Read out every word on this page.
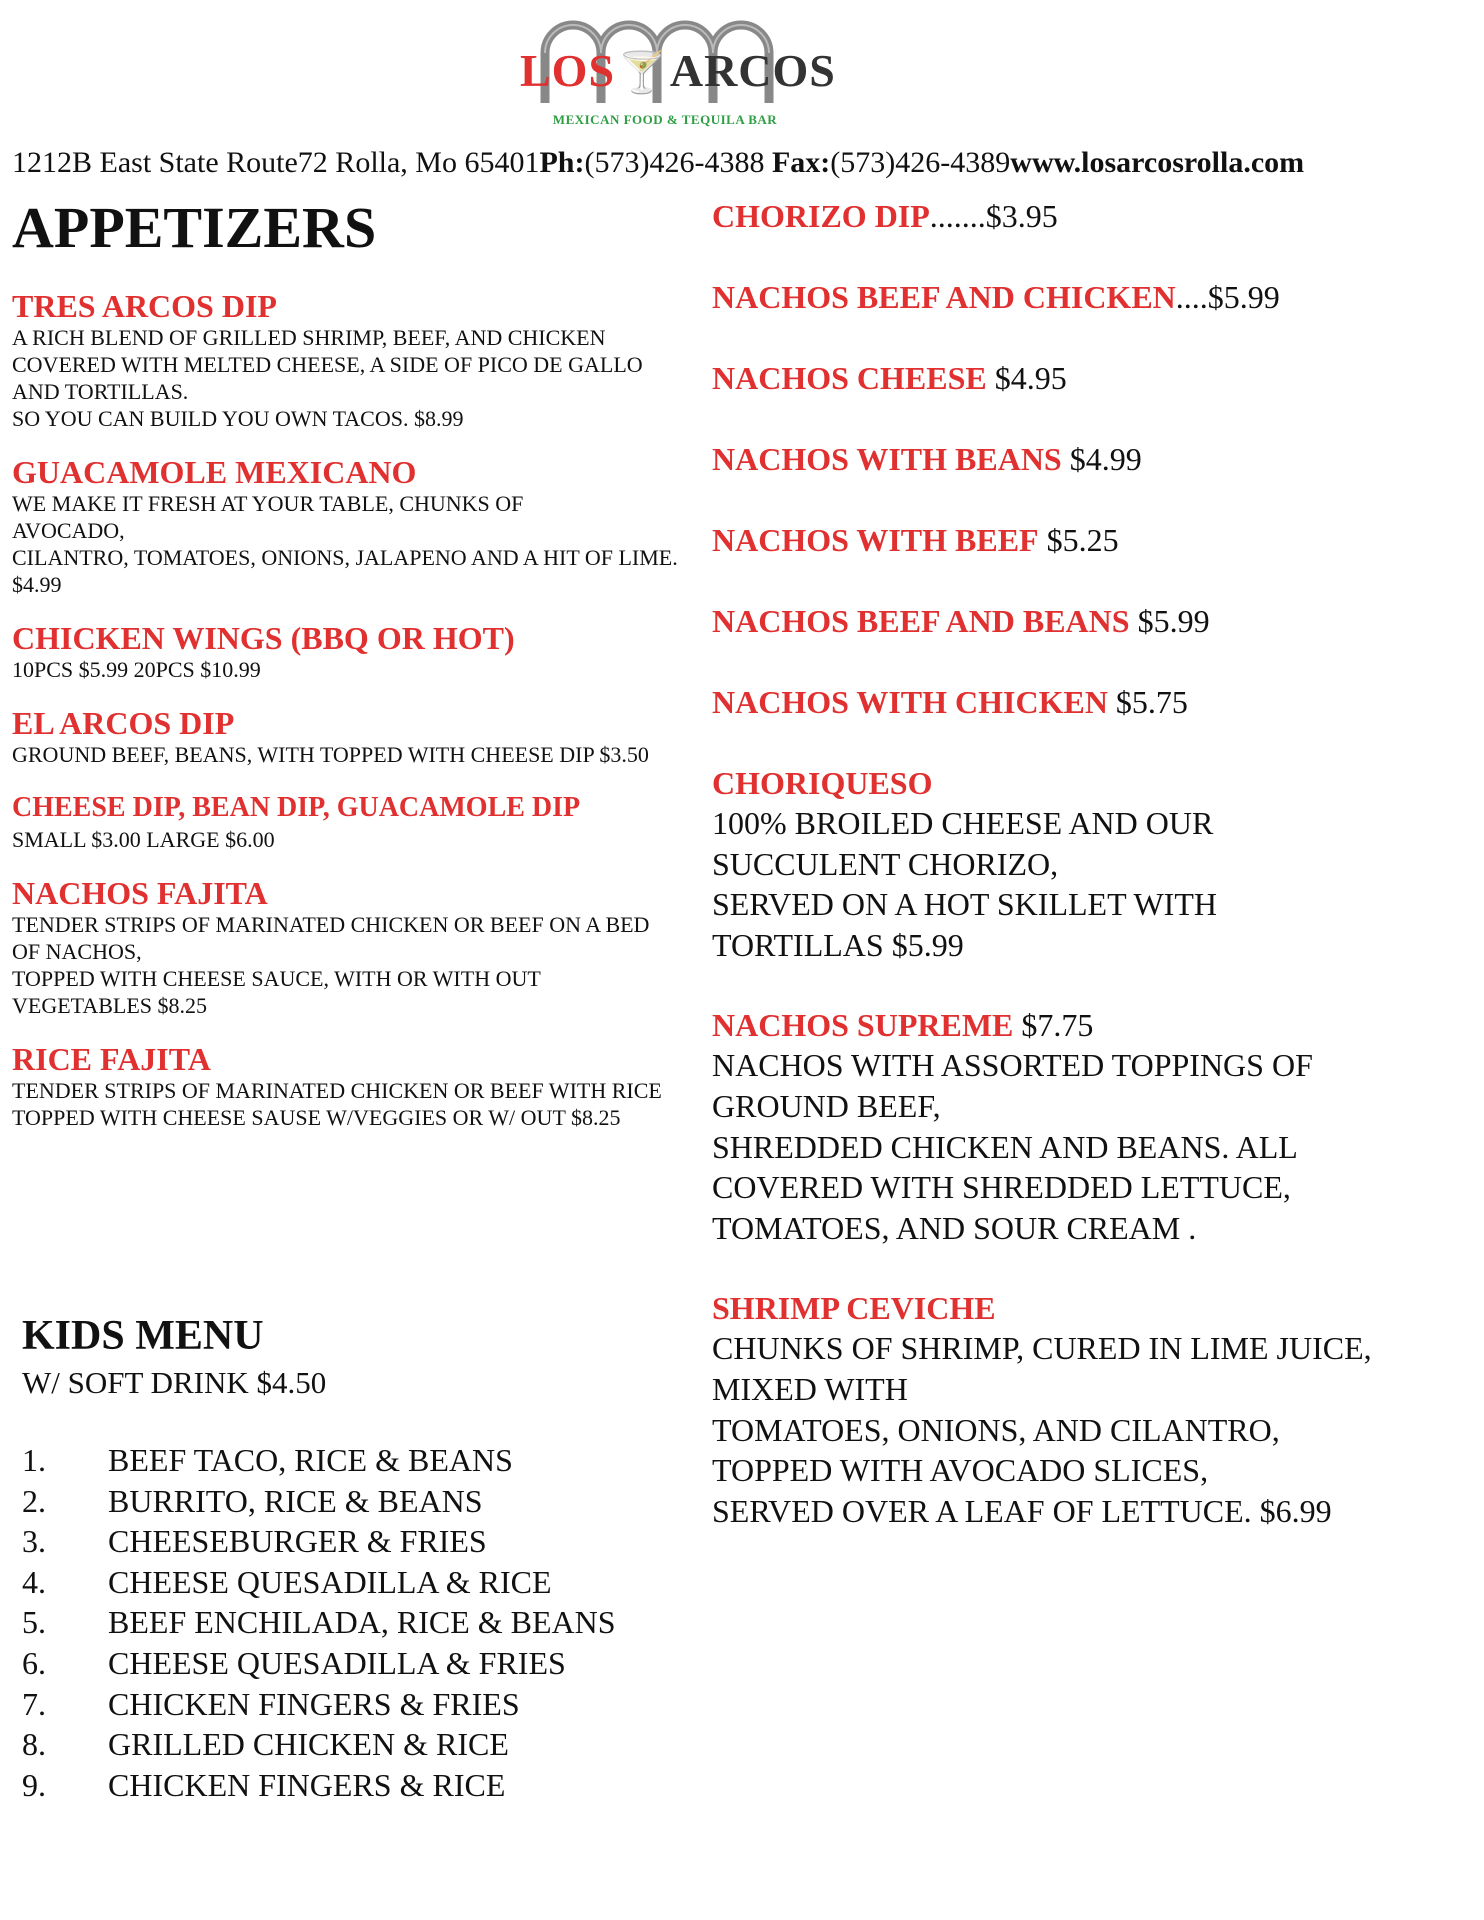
LOS🍸ARCOS
MEXICAN FOOD & TEQUILA BAR
1212B East State Route72 Rolla, Mo 65401Ph:(573)426-4388 Fax:(573)426-4389www.losarcosrolla.com
APPETIZERS
TRES ARCOS DIP

A RICH BLEND OF GRILLED SHRIMP, BEEF, AND CHICKEN COVERED WITH MELTED CHEESE, A SIDE OF PICO DE GALLO AND TORTILLAS.

SO YOU CAN BUILD YOU OWN TACOS. $8.99

GUACAMOLE MEXICANO

WE MAKE IT FRESH AT YOUR TABLE, CHUNKS OF AVOCADO,

CILANTRO, TOMATOES, ONIONS, JALAPENO AND A HIT OF LIME. $4.99

CHICKEN WINGS (BBQ OR HOT)

10PCS $5.99 20PCS $10.99

EL ARCOS DIP

GROUND BEEF, BEANS, WITH TOPPED WITH CHEESE DIP $3.50

CHEESE DIP, BEAN DIP, GUACAMOLE DIP

SMALL $3.00 LARGE $6.00

NACHOS FAJITA

TENDER STRIPS OF MARINATED CHICKEN OR BEEF ON A BED OF NACHOS,

TOPPED WITH CHEESE SAUCE, WITH OR WITH OUT VEGETABLES $8.25

RICE FAJITA

TENDER STRIPS OF MARINATED CHICKEN OR BEEF WITH RICE TOPPED WITH CHEESE SAUSE W/VEGGIES OR W/ OUT $8.25

KIDS MENU
W/ SOFT DRINK $4.50
1.	BEEF TACO, RICE & BEANS
2.	BURRITO, RICE & BEANS
3.	CHEESEBURGER & FRIES
4.	CHEESE QUESADILLA & RICE
5.	BEEF ENCHILADA, RICE & BEANS
6.	CHEESE QUESADILLA & FRIES
7.	CHICKEN FINGERS & FRIES
8.	GRILLED CHICKEN & RICE
9.	CHICKEN FINGERS & RICE
CHORIZO DIP.......$3.95
NACHOS BEEF AND CHICKEN....$5.99
NACHOS CHEESE $4.95
NACHOS WITH BEANS $4.99
NACHOS WITH BEEF $5.25
NACHOS BEEF AND BEANS $5.99
NACHOS WITH CHICKEN $5.75
CHORIQUESO

100% BROILED CHEESE AND OUR

SUCCULENT CHORIZO,

SERVED ON A HOT SKILLET WITH

TORTILLAS $5.99

NACHOS SUPREME $7.75

NACHOS WITH ASSORTED TOPPINGS OF

GROUND BEEF,

SHREDDED CHICKEN AND BEANS. ALL

COVERED WITH SHREDDED LETTUCE,

TOMATOES, AND SOUR CREAM .

SHRIMP CEVICHE

CHUNKS OF SHRIMP, CURED IN LIME JUICE,

MIXED WITH

TOMATOES, ONIONS, AND CILANTRO,

TOPPED WITH AVOCADO SLICES,

SERVED OVER A LEAF OF LETTUCE. $6.99
